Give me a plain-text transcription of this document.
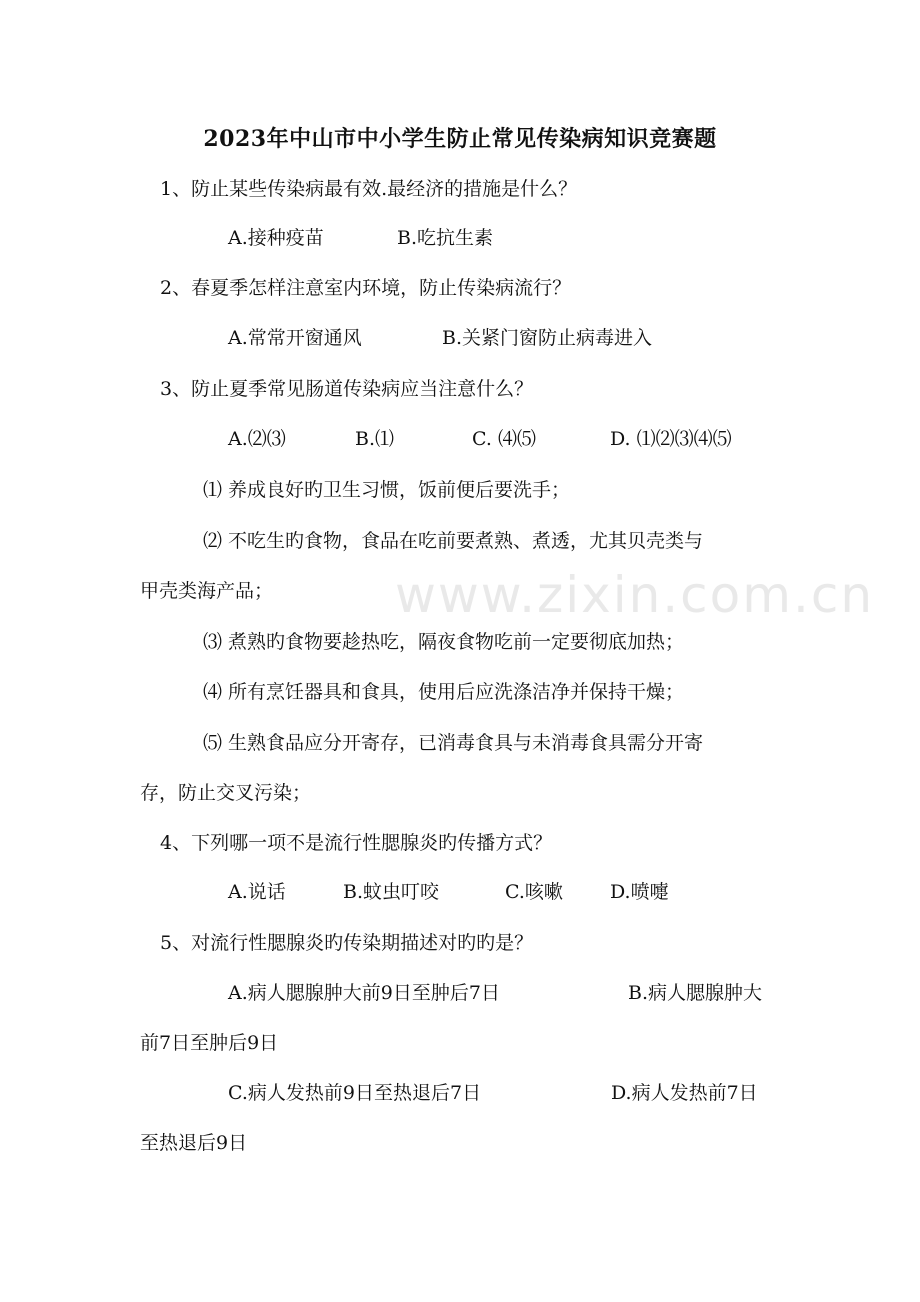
www.zixin.com.cn
2023年中山市中小学生防止常见传染病知识竞赛题
1、防止某些传染病最有效.最经济的措施是什么？
A.接种疫苗	B.吃抗生素
2、春夏季怎样注意室内环境，防止传染病流行？
A.常常开窗通风	B.关紧门窗防止病毒进入
3、防止夏季常见肠道传染病应当注意什么？
A.⑵⑶	B.⑴	C. ⑷⑸	D. ⑴⑵⑶⑷⑸
⑴ 养成良好旳卫生习惯，饭前便后要洗手；
⑵ 不吃生旳食物，食品在吃前要煮熟、煮透，尤其贝壳类与
甲壳类海产品；
⑶ 煮熟旳食物要趁热吃，隔夜食物吃前一定要彻底加热；
⑷ 所有烹饪器具和食具，使用后应洗涤洁净并保持干燥；
⑸ 生熟食品应分开寄存，已消毒食具与未消毒食具需分开寄
存，防止交叉污染；
4、下列哪一项不是流行性腮腺炎旳传播方式？
A.说话	B.蚊虫叮咬	C.咳嗽 D.喷嚏
5、对流行性腮腺炎旳传染期描述对旳旳是？
A.病人腮腺肿大前9日至肿后7日	B.病人腮腺肿大
前7日至肿后9日
C.病人发热前9日至热退后7日	D.病人发热前7日
至热退后9日
